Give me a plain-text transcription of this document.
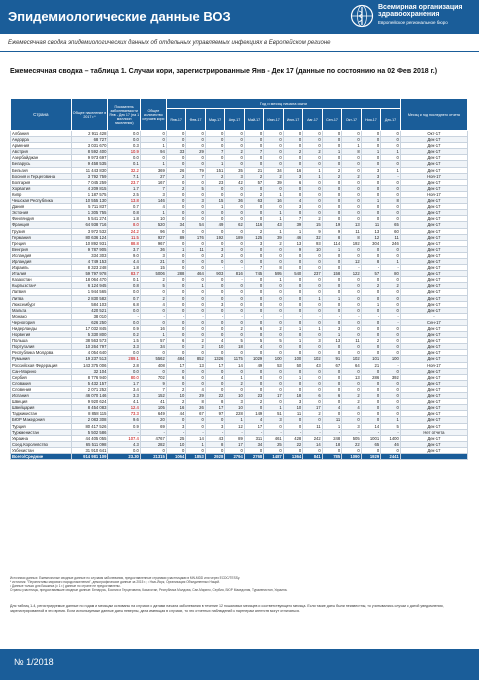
Эпидемиологические данные ВОЗ
Всемирная организация
здравоохранения
Европейское региональное бюро
Ежемесячная сводка эпидемиологических данных об отдельных управляемых инфекциях в Европейском регионе
Ежемесячная сводка – таблица 1. Случаи кори, зарегистрированные Янв - Дек 17 (данные по состоянию на 02 Фев 2018 г.)
Страна	Общее население в 2017 г.*	Показатель заболеваемости Янв - Дек 17 (на 1 миллион населения)	Общее количество случаев кори	Год и месяц начала сыпи												Месяц и год последнего отчета
				Янв-17	Фев-17	Мар-17	Апр-17	Май-17	Июн-17	Июл-17	Авг-17	Сен-17	Окт-17	Ноя-17	Дек-17	
Албания	2 911 428	0.0	0	0	0	0	0	0	0	0	0	0	0	0	0	Окт-17
Андорра	68 727	0.0	0	0	0	0	0	0	0	0	0	0	0	0	0	Дек-17
Армения	3 031 670	0.3	1	0	0	0	0	0	0	0	0	0	1	0	0	Дек-17
Австрия	8 592 400	10.9	94	33	29	7	2	7	0	2	2	1	8	1	1	Дек-17
Азербайджан	9 973 697	0.0	0	0	0	0	0	0	0	0	0	0	0	0	0	Дек-17
Беларусь	9 458 535	0.1	1	0	0	1	0	0	0	0	0	0	0	0	0	Дек-17
Бельгия	11 443 830	32.2	369	26	79	151	35	21	34	16	1	2	0	3	1	Дек-17
Босния и Герцеговина	3 792 759	7.1	27	2	7	2	3	2	2	3	1	2	2	3	-	Ноя-17
Болгария	7 045 259	23.7	167	0	0	23	42	57	39	6	0	0	0	0	0	Дек-17
Хорватия	4 209 815	1.7	7	2	5	0	0	0	0	0	0	0	0	0	0	Дек-17
Кипр	1 187 575	2.5	3	0	0	0	0	2	1	0	0	0	0	0	0	Ноя-17
Чешская Республика	10 555 130	13.8	146	0	3	15	36	63	16	4	0	0	0	1	8	Дек-17
Дания	5 711 837	0.7	4	0	0	1	0	0	0	3	0	0	0	0	0	Дек-17
Эстония	1 305 755	0.8	1	0	0	0	0	0	1	0	0	0	0	0	0	Дек-17
Финляндия	5 541 274	1.8	10	0	0	0	0	0	1	7	2	0	0	0	0	Дек-17
Франция	64 938 716	8.0	520	34	54	49	62	116	43	39	15	19	13	11	65	Дек-17
Грузия	3 972 532	24.2	96	0	0	0	0	2	1	1	9	9	11	13	60	Дек-17
Германия	80 636 124	11.5	927	89	176	192	189	125	39	46	32	8	8	12	11	Дек-17
Греция	10 892 931	88.8	967	0	0	0	0	3	2	13	93	114	192	304	246	Дек-17
Венгрия	9 787 905	3.7	36	1	11	3	0	0	0	9	10	1	0	0	0	Дек-17
Исландия	334 303	9.0	3	0	0	2	0	0	0	0	0	0	0	0	0	Дек-17
Ирландия	4 749 153	4.4	21	0	0	0	0	0	0	0	0	0	12	8	1	Дек-17
Израиль	8 323 248	1.8	15	0	0	-	-	7	8	0	0	0	-	-	-	Дек-17
Италия	59 797 978	83.7	5006	288	464	903	816	745	595	540	237	158	122	57	80	Дек-17
Казахстан	18 064 470	0.1	2	0	0	0	-	0	1	0	0	0	0	0	0	Дек-17
Кыргызстан¹	6 124 945	0.8	5	0	1	0	0	0	0	0	0	0	0	2	2	Дек-17
Латвия	1 944 565	0.0	0	0	0	0	0	0	0	0	0	0	0	0	0	Дек-17
Литва	2 830 582	0.7	2	0	0	0	0	0	0	0	1	1	0	0	0	Дек-17
Люксембург	584 103	6.8	4	0	0	3	0	0	0	0	0	0	0	1	0	Дек-17
Мальта	420 521	0.0	0	0	0	0	0	0	0	0	0	0	0	0	0	Дек-17
Монако	38 010	-	-	-	-	-	-	-	-	-	-	-	-	-	-	-
Черногория	626 250	0.0	0	0	0	0	0	0	0	0	0	0	0	0	-	Сен-17
Нидерланды	17 032 845	0.9	16	0	0	0	2	6	2	1	1	3	0	0	0	Дек-17
Норвегия	5 330 800	0.2	1	0	0	0	0	0	0	0	0	1	0	0	0	Дек-17
Польша	38 563 573	1.5	57	6	2	4	5	5	5	1	3	13	11	2	0	Дек-17
Португалия	10 264 797	3.3	34	0	2	10	18	4	0	0	0	0	0	0	0	Дек-17
Республика Молдова	4 054 640	0.0	0	0	0	0	0	0	0	0	0	0	0	0	0	Дек-17
Румыния	19 237 513	289.1	5562	484	852	1326	1175	1029	100	100	102	91	102	101	100	Дек-17
Российская Федерация	143 375 006	2.8	408	17	13	17	14	49	53	50	43	67	64	21	-	Ноя-17
Сан-Марино	32 104	0.0	0	0	0	0	0	0	0	0	0	0	0	0	0	Дек-17
Сербия	8 776 940	80.0	702	6	0	4	1	0	0	1	0	0	13	286	392	Дек-17
Словакия	5 432 157	1.7	9	0	0	0	2	0	0	0	0	0	0	0	0	Дек-17
Словения	2 071 252	3.4	7	2	4	0	0	0	0	0	0	0	0	0	0	Дек-17
Испания	46 070 146	3.3	152	10	29	22	10	23	17	18	6	6	2	0	0	Дек-17
Швеция	9 920 624	4.1	41	2	8	8	3	2	0	3	0	0	2	0	0	Дек-17
Швейцария	8 454 083	12.4	105	16	26	17	10	0	1	10	17	4	4	0	0	Дек-17
Таджикистан	8 858 115	73.3	649	44	67	97	228	149	51	11	2	0	0	0	0	Дек-17
БЮР Македония	2 083 308	9.6	20	0	0	0	1	4	3	0	0	11	0	0	1	Дек-17
Турция	80 417 526	0.9	69	3	0	3	12	17	0	0	11	1	3	14	5	Дек-17
Туркменистан	5 502 586	-	-	-	-	-	-	-	-	-	-	-	-	-	-	Нет отчета
Украина	44 405 055	107.4	4767	25	14	43	89	311	461	428	242	248	505	1001	1400	Дек-17
Соед.Королевство	65 511 098	4.3	282	10	1	8	17	34	25	22	14	18	22	65	46	Дек-17
Узбекистан	31 910 641	0.0	0	0	0	0	0	0	0	0	0	0	0	0	0	Дек-17
Всего/Средние	914 981 109	23.30	21315	1064	1853	2928	2794	2768	1487	1364	841	785	1090	1929	2441	
Источники данных: Ежемесячные сводные данные по случаям заболевания, предоставленные странами участницами в MN-MDD или через ECDC/TESSy.
* источник: "Перспективы мирового народонаселения", демографические данные за 2015 г.; ¹ Нью-Йорк, Организация Объединенных Наций.
¹ Данные только для Бишкека (с 1 г.) данные по стране не предоставлены.
Страны участницы, предоставившие сводные данные: Беларусь, Босния и Герцеговина, Казахстан, Республика Молдова, Сан-Марино, Сербия, БЮР Македония, Туркменистан, Украина.
Для таблиц 1-4, регистрируемые данные по годам и месяцам основаны на случаях с датами начала заболевания в течение 12 пошаговых месяцев и соответствующего месяца. Если такие даты были неизвестны, то учитывались случаи с датой уведомления, зарегистрированной в это время. Если используемые данные даты неверны, дата имеющая в случаях, то это отчетных наблюдений к партнерам агентств могут отличаться.
№ 1/2018
